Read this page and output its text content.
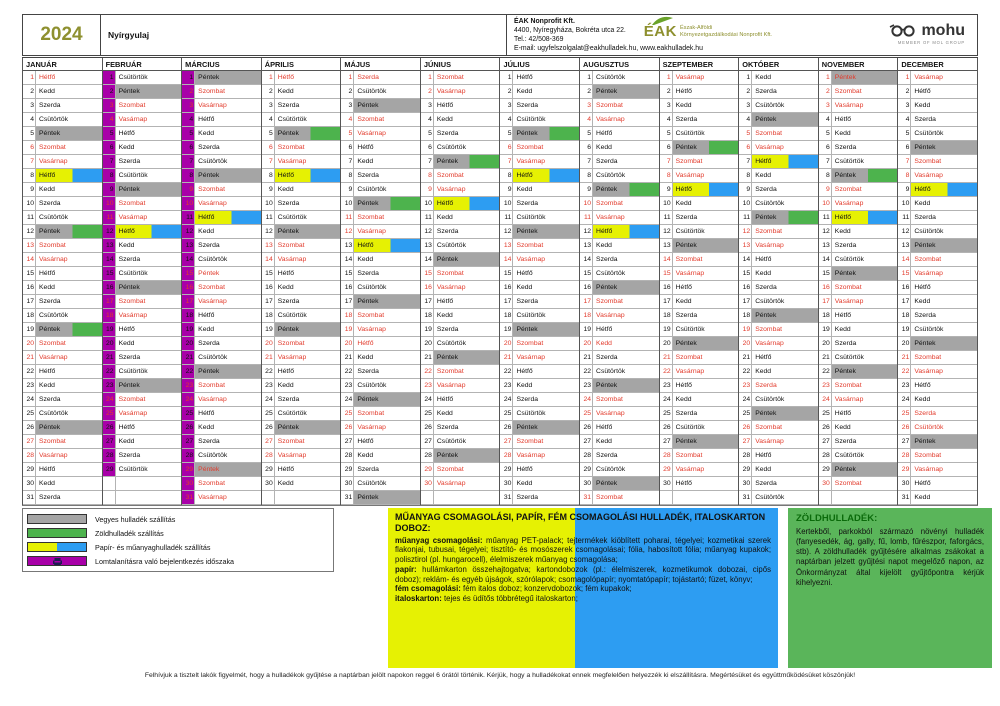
2024	Nyírgyulaj
ÉAK Nonprofit Kft.
4400, Nyíregyháza, Bokréta utca 22.
Tel.: 42/508-369
E-mail: ugyfelszolgalat@eakhulladek.hu, www.eakhulladek.hu
ÉAK Észak-Alföldi
Környezetgazdálkodási Nonprofit Kft.	mohu
MEMBER OF MOL GROUP
JANUÁR
1 Hétfő
2 Kedd
3 Szerda
4 Csütörtök
5 Péntek
6 Szombat
7 Vasárnap
8 Hétfő
9 Kedd
10 Szerda
11 Csütörtök
12 Péntek
13 Szombat
14 Vasárnap
15 Hétfő
16 Kedd
17 Szerda
18 Csütörtök
19 Péntek
20 Szombat
21 Vasárnap
22 Hétfő
23 Kedd
24 Szerda
25 Csütörtök
26 Péntek
27 Szombat
28 Vasárnap
29 Hétfő
30 Kedd
31 Szerda
FEBRUÁR
1 Csütörtök
2 Péntek
3 Szombat
4 Vasárnap
5 Hétfő
6 Kedd
7 Szerda
8 Csütörtök
9 Péntek
10 Szombat
11 Vasárnap
12 Hétfő
13 Kedd
14 Szerda
15 Csütörtök
16 Péntek
17 Szombat
18 Vasárnap
19 Hétfő
20 Kedd
21 Szerda
22 Csütörtök
23 Péntek
24 Szombat
25 Vasárnap
26 Hétfő
27 Kedd
28 Szerda
29 Csütörtök
MÁRCIUS
1 Péntek
2 Szombat
3 Vasárnap
4 Hétfő
5 Kedd
6 Szerda
7 Csütörtök
8 Péntek
9 Szombat
10 Vasárnap
11 Hétfő
12 Kedd
13 Szerda
14 Csütörtök
15 Péntek
16 Szombat
17 Vasárnap
18 Hétfő
19 Kedd
20 Szerda
21 Csütörtök
22 Péntek
23 Szombat
24 Vasárnap
25 Hétfő
26 Kedd
27 Szerda
28 Csütörtök
29 Péntek
30 Szombat
31 Vasárnap
ÁPRILIS
1 Hétfő
2 Kedd
3 Szerda
4 Csütörtök
5 Péntek
6 Szombat
7 Vasárnap
8 Hétfő
9 Kedd
10 Szerda
11 Csütörtök
12 Péntek
13 Szombat
14 Vasárnap
15 Hétfő
16 Kedd
17 Szerda
18 Csütörtök
19 Péntek
20 Szombat
21 Vasárnap
22 Hétfő
23 Kedd
24 Szerda
25 Csütörtök
26 Péntek
27 Szombat
28 Vasárnap
29 Hétfő
30 Kedd
MÁJUS
1 Szerda
2 Csütörtök
3 Péntek
4 Szombat
5 Vasárnap
6 Hétfő
7 Kedd
8 Szerda
9 Csütörtök
10 Péntek
11 Szombat
12 Vasárnap
13 Hétfő
14 Kedd
15 Szerda
16 Csütörtök
17 Péntek
18 Szombat
19 Vasárnap
20 Hétfő
21 Kedd
22 Szerda
23 Csütörtök
24 Péntek
25 Szombat
26 Vasárnap
27 Hétfő
28 Kedd
29 Szerda
30 Csütörtök
31 Péntek
JÚNIUS
1 Szombat
2 Vasárnap
3 Hétfő
4 Kedd
5 Szerda
6 Csütörtök
7 Péntek
8 Szombat
9 Vasárnap
10 Hétfő
11 Kedd
12 Szerda
13 Csütörtök
14 Péntek
15 Szombat
16 Vasárnap
17 Hétfő
18 Kedd
19 Szerda
20 Csütörtök
21 Péntek
22 Szombat
23 Vasárnap
24 Hétfő
25 Kedd
26 Szerda
27 Csütörtök
28 Péntek
29 Szombat
30 Vasárnap
JÚLIUS
1 Hétfő
2 Kedd
3 Szerda
4 Csütörtök
5 Péntek
6 Szombat
7 Vasárnap
8 Hétfő
9 Kedd
10 Szerda
11 Csütörtök
12 Péntek
13 Szombat
14 Vasárnap
15 Hétfő
16 Kedd
17 Szerda
18 Csütörtök
19 Péntek
20 Szombat
21 Vasárnap
22 Hétfő
23 Kedd
24 Szerda
25 Csütörtök
26 Péntek
27 Szombat
28 Vasárnap
29 Hétfő
30 Kedd
31 Szerda
AUGUSZTUS
1 Csütörtök
2 Péntek
3 Szombat
4 Vasárnap
5 Hétfő
6 Kedd
7 Szerda
8 Csütörtök
9 Péntek
10 Szombat
11 Vasárnap
12 Hétfő
13 Kedd
14 Szerda
15 Csütörtök
16 Péntek
17 Szombat
18 Vasárnap
19 Hétfő
20 Kedd
21 Szerda
22 Csütörtök
23 Péntek
24 Szombat
25 Vasárnap
26 Hétfő
27 Kedd
28 Szerda
29 Csütörtök
30 Péntek
31 Szombat
SZEPTEMBER
1 Vasárnap
2 Hétfő
3 Kedd
4 Szerda
5 Csütörtök
6 Péntek
7 Szombat
8 Vasárnap
9 Hétfő
10 Kedd
11 Szerda
12 Csütörtök
13 Péntek
14 Szombat
15 Vasárnap
16 Hétfő
17 Kedd
18 Szerda
19 Csütörtök
20 Péntek
21 Szombat
22 Vasárnap
23 Hétfő
24 Kedd
25 Szerda
26 Csütörtök
27 Péntek
28 Szombat
29 Vasárnap
30 Hétfő
OKTÓBER
1 Kedd
2 Szerda
3 Csütörtök
4 Péntek
5 Szombat
6 Vasárnap
7 Hétfő
8 Kedd
9 Szerda
10 Csütörtök
11 Péntek
12 Szombat
13 Vasárnap
14 Hétfő
15 Kedd
16 Szerda
17 Csütörtök
18 Péntek
19 Szombat
20 Vasárnap
21 Hétfő
22 Kedd
23 Szerda
24 Csütörtök
25 Péntek
26 Szombat
27 Vasárnap
28 Hétfő
29 Kedd
30 Szerda
31 Csütörtök
NOVEMBER
1 Péntek
2 Szombat
3 Vasárnap
4 Hétfő
5 Kedd
6 Szerda
7 Csütörtök
8 Péntek
9 Szombat
10 Vasárnap
11 Hétfő
12 Kedd
13 Szerda
14 Csütörtök
15 Péntek
16 Szombat
17 Vasárnap
18 Hétfő
19 Kedd
20 Szerda
21 Csütörtök
22 Péntek
23 Szombat
24 Vasárnap
25 Hétfő
26 Kedd
27 Szerda
28 Csütörtök
29 Péntek
30 Szombat
DECEMBER
1 Vasárnap
2 Hétfő
3 Kedd
4 Szerda
5 Csütörtök
6 Péntek
7 Szombat
8 Vasárnap
9 Hétfő
10 Kedd
11 Szerda
12 Csütörtök
13 Péntek
14 Szombat
15 Vasárnap
16 Hétfő
17 Kedd
18 Szerda
19 Csütörtök
20 Péntek
21 Szombat
22 Vasárnap
23 Hétfő
24 Kedd
25 Szerda
26 Csütörtök
27 Péntek
28 Szombat
29 Vasárnap
30 Hétfő
31 Kedd
Vegyes hulladék szállítás
Zöldhulladék szállítás
Papír- és műanyaghulladék szállítás
Lomtalanításra való bejelentkezés időszaka
MŰANYAG CSOMAGOLÁSI, PAPÍR, FÉM CSOMAGOLÁSI HULLADÉK, ITALOSKARTON DOBOZ:

műanyag csomagolási: műanyag PET-palack; tejtermékek kiöblített poharai, tégelyei; kozmetikai szerek flakonjai, tubusai, tégelyei; tisztító- és mosószerek csomagolásai; fólia, habosított fólia; műanyag kupakok; polisztirol (pl. hungarocell), élelmiszerek műanyag csomagolása;

papír: hullámkarton összehajtogatva; kartondobozok (pl.: élelmiszerek, kozmetikumok dobozai, cipős doboz); reklám- és egyéb újságok, szórólapok; csomagolópapír; nyomtatópapír; tojástartó; füzet, könyv;

fém csomagolási: fém italos doboz; konzervdobozok; fém kupakok;

italoskarton: tejes és üdítős többrétegű italoskarton;

ZÖLDHULLADÉK:
Kertekből, parkokból származó növényi hulladék (fanyesedék, ág, gally, fű, lomb, fűrészpor, faforgács, stb). A zöldhulladék gyűjtésére alkalmas zsákokat a naptárban jelzett gyűjtési napot megelőző napon, az Önkormányzat által kijelölt gyűjtőpontra kérjük kihelyezni.
Felhívjuk a tisztelt lakók figyelmét, hogy a hulladékok gyűjtése a naptárban jelölt napokon reggel 6 órától történik. Kérjük, hogy a hulladékokat ennek megfelelően helyezzék ki elszállításra. Megértésüket és együttműködésüket köszönjük!
